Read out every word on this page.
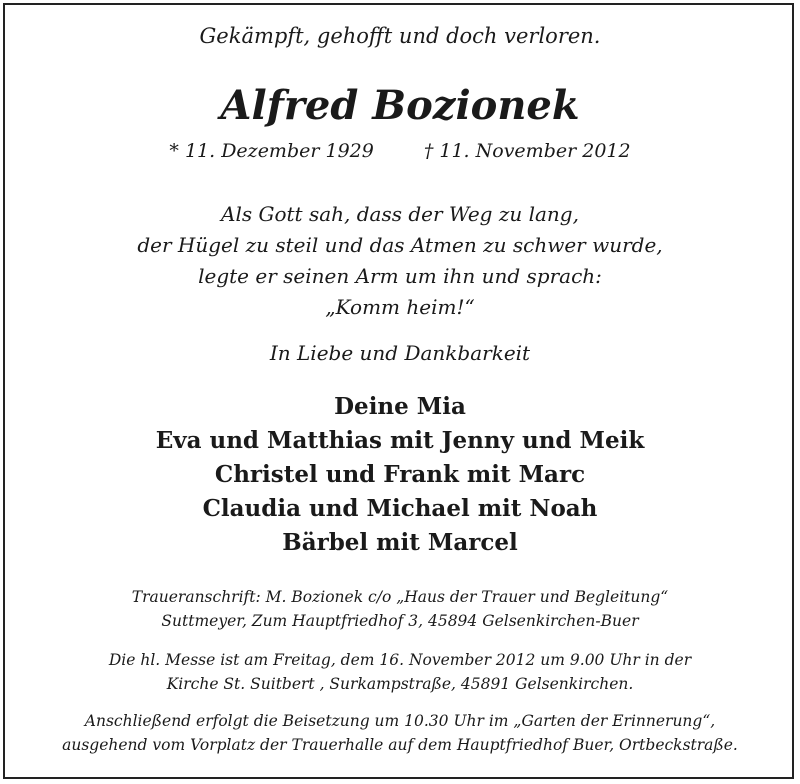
Gekämpft, gehofft und doch verloren.
Alfred Bozionek
* 11. Dezember 1929	† 11. November 2012
Als Gott sah, dass der Weg zu lang,
der Hügel zu steil und das Atmen zu schwer wurde,
legte er seinen Arm um ihn und sprach:
„Komm heim!“
In Liebe und Dankbarkeit
Deine Mia
Eva und Matthias mit Jenny und Meik
Christel und Frank mit Marc
Claudia und Michael mit Noah
Bärbel mit Marcel
Traueranschrift: M. Bozionek c/o „Haus der Trauer und Begleitung“
Suttmeyer, Zum Hauptfriedhof 3, 45894 Gelsenkirchen-Buer
Die hl. Messe ist am Freitag, dem 16. November 2012 um 9.00 Uhr in der
Kirche St. Suitbert , Surkampstraße, 45891 Gelsenkirchen.
Anschließend erfolgt die Beisetzung um 10.30 Uhr im „Garten der Erinnerung“,
ausgehend vom Vorplatz der Trauerhalle auf dem Hauptfriedhof Buer, Ortbeckstraße.
